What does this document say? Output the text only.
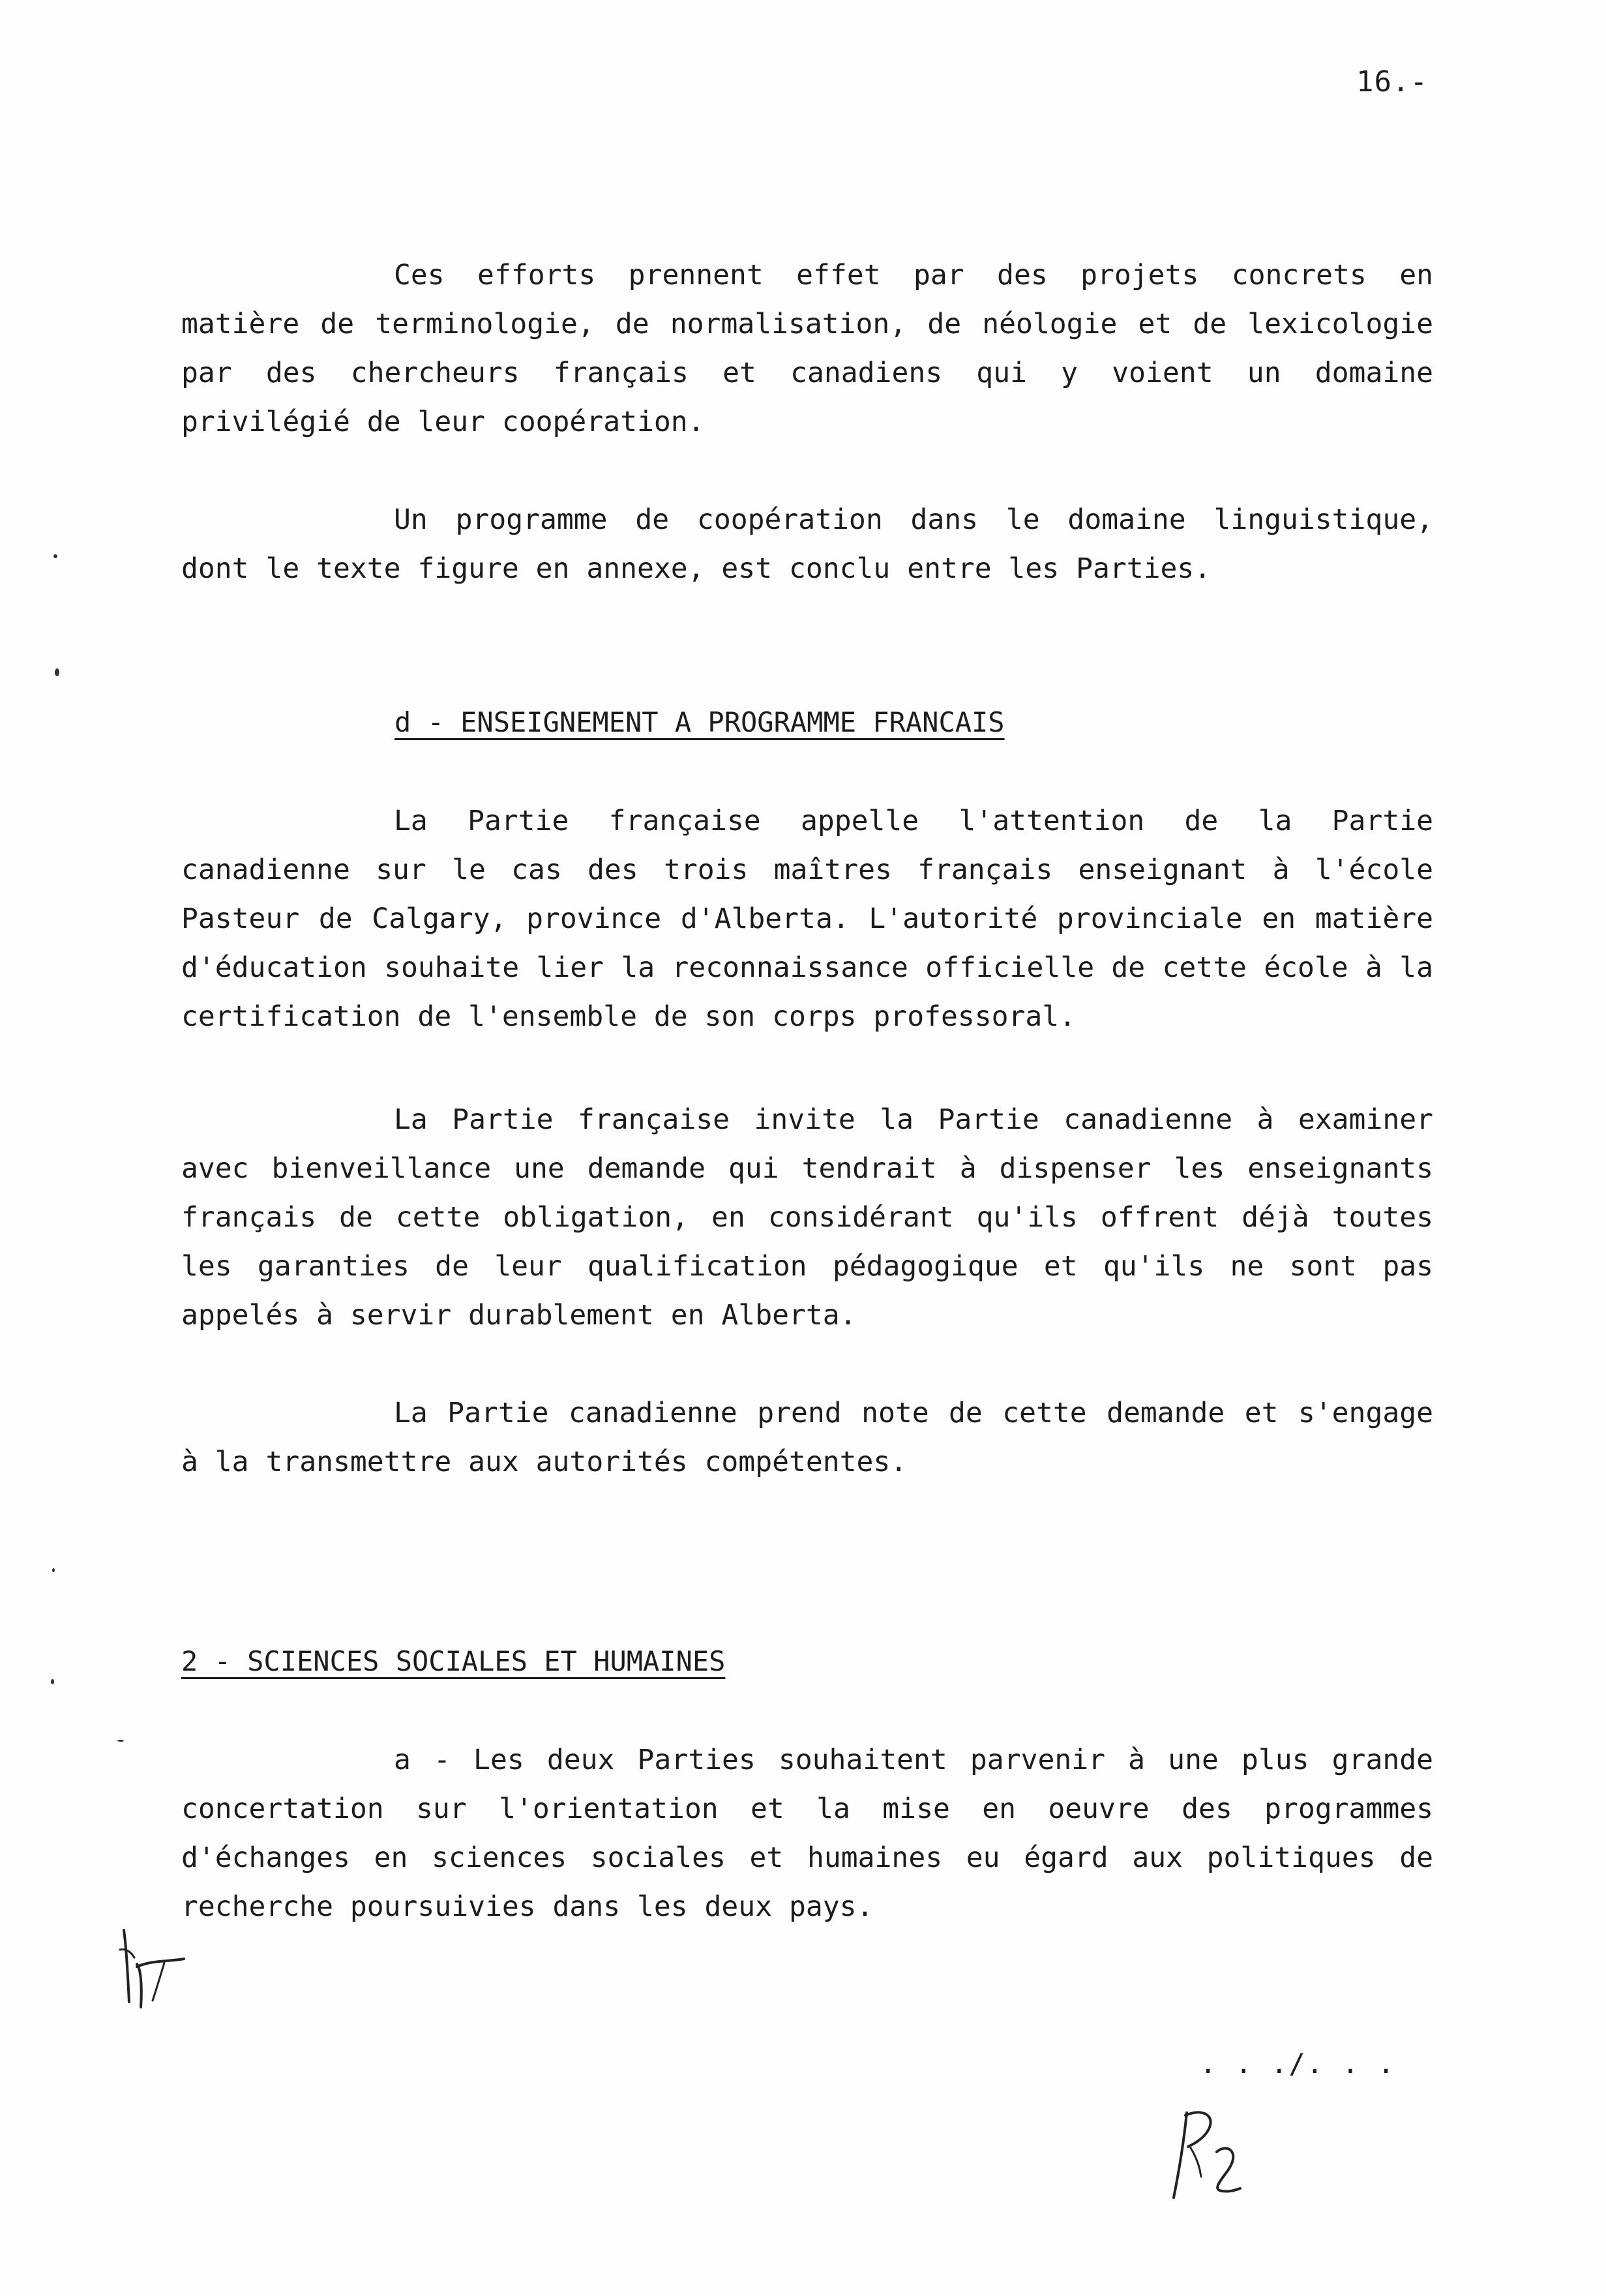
16.-

Ces efforts prennent effet par des projets concrets en matière de terminologie, de normalisation, de néologie et de lexicologie par des chercheurs français et canadiens qui y voient un domaine privilégié de leur coopération.

Un programme de coopération dans le domaine linguistique, dont le texte figure en annexe, est conclu entre les Parties.

d - ENSEIGNEMENT A PROGRAMME FRANCAIS

La Partie française appelle l'attention de la Partie canadienne sur le cas des trois maîtres français enseignant à l'école Pasteur de Calgary, province d'Alberta. L'autorité provinciale en matière d'éducation souhaite lier la reconnaissance officielle de cette école à la certification de l'ensemble de son corps professoral.

La Partie française invite la Partie canadienne à examiner avec bienveillance une demande qui tendrait à dispenser les enseignants français de cette obligation, en considérant qu'ils offrent déjà toutes les garanties de leur qualification pédagogique et qu'ils ne sont pas appelés à servir durablement en Alberta.

La Partie canadienne prend note de cette demande et s'engage à la transmettre aux autorités compétentes.

2 - SCIENCES SOCIALES ET HUMAINES

a - Les deux Parties souhaitent parvenir à une plus grande concertation sur l'orientation et la mise en oeuvre des programmes d'échanges en sciences sociales et humaines eu égard aux politiques de recherche poursuivies dans les deux pays.

. . ./. . .
